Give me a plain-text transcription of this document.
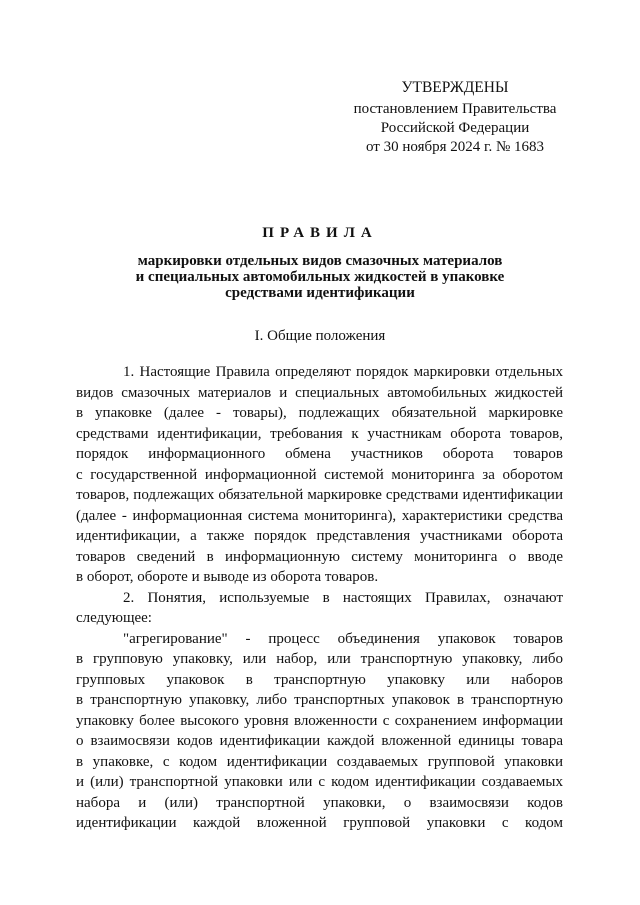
УТВЕРЖДЕНЫ
постановлением Правительства
Российской Федерации
от 30 ноября 2024 г. № 1683
ПРАВИЛА
маркировки отдельных видов смазочных материалов
и специальных автомобильных жидкостей в упаковке
средствами идентификации
I. Общие положения
1. Настоящие Правила определяют порядок маркировки отдельных
видов смазочных материалов и специальных автомобильных жидкостей
в упаковке (далее - товары), подлежащих обязательной маркировке
средствами идентификации, требования к участникам оборота товаров,
порядок информационного обмена участников оборота товаров
с государственной информационной системой мониторинга за оборотом
товаров, подлежащих обязательной маркировке средствами идентификации
(далее - информационная система мониторинга), характеристики средства
идентификации, а также порядок представления участниками оборота
товаров сведений в информационную систему мониторинга о вводе
в оборот, обороте и выводе из оборота товаров.
2. Понятия, используемые в настоящих Правилах, означают
следующее:
"агрегирование" - процесс объединения упаковок товаров
в групповую упаковку, или набор, или транспортную упаковку, либо
групповых упаковок в транспортную упаковку или наборов
в транспортную упаковку, либо транспортных упаковок в транспортную
упаковку более высокого уровня вложенности с сохранением информации
о взаимосвязи кодов идентификации каждой вложенной единицы товара
в упаковке, с кодом идентификации создаваемых групповой упаковки
и (или) транспортной упаковки или с кодом идентификации создаваемых
набора и (или) транспортной упаковки, о взаимосвязи кодов
идентификации каждой вложенной групповой упаковки с кодом
